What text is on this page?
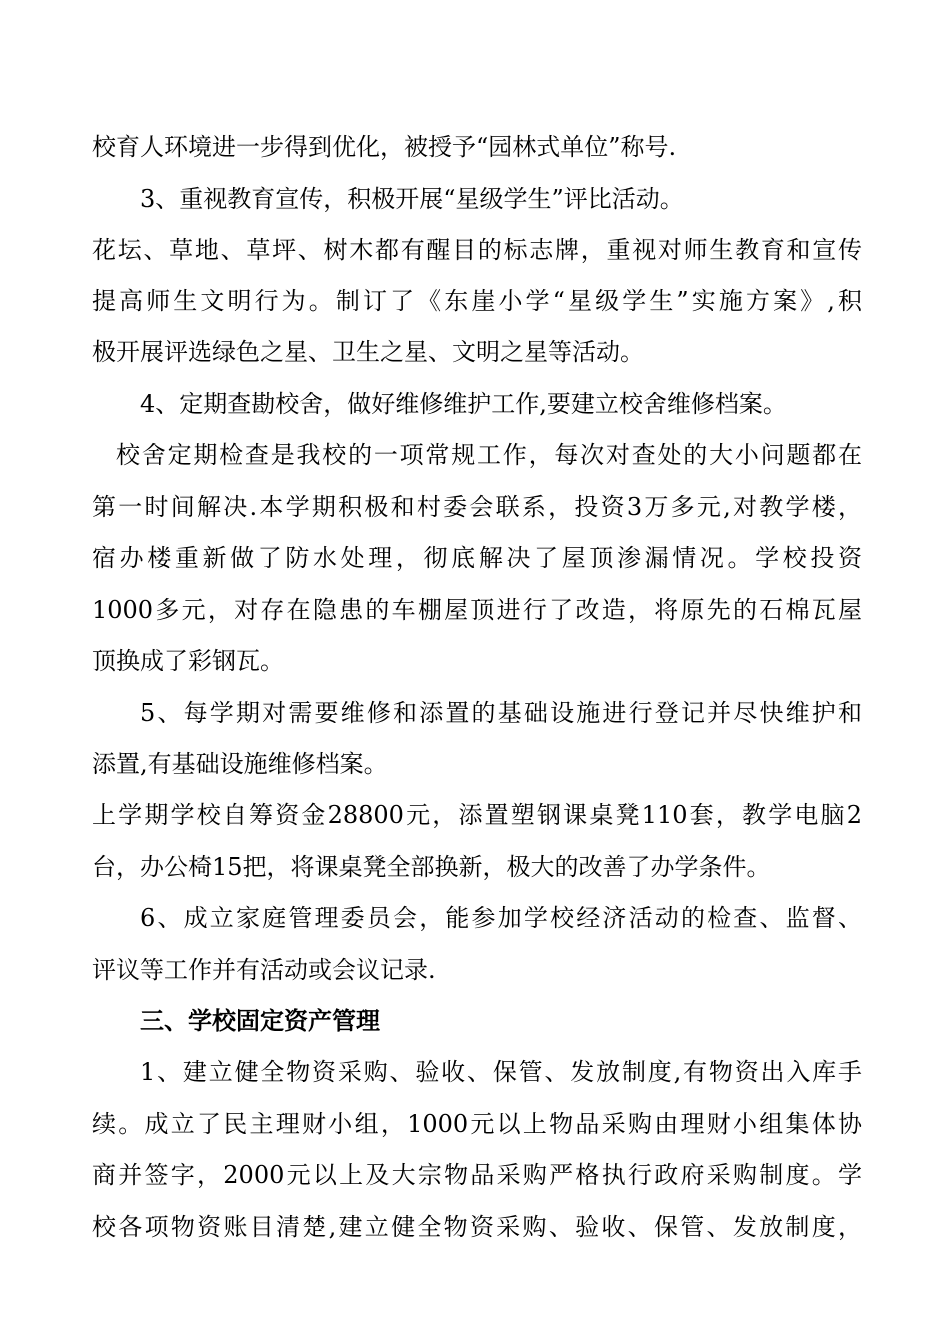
校育人环境进一步得到优化，被授予“园林式单位”称号.
3、重视教育宣传，积极开展“星级学生”评比活动。
花坛、草地、草坪、树木都有醒目的标志牌，重视对师生教育和宣传
提高师生文明行为。制订了《东崖小学“星级学生”实施方案》,积
极开展评选绿色之星、卫生之星、文明之星等活动。
4、定期查勘校舍，做好维修维护工作,要建立校舍维修档案。
校舍定期检查是我校的一项常规工作，每次对查处的大小问题都在
第一时间解决.本学期积极和村委会联系，投资3万多元,对教学楼，
宿办楼重新做了防水处理，彻底解决了屋顶渗漏情况。学校投资
1000多元，对存在隐患的车棚屋顶进行了改造，将原先的石棉瓦屋
顶换成了彩钢瓦。
5、每学期对需要维修和添置的基础设施进行登记并尽快维护和
添置,有基础设施维修档案。
上学期学校自筹资金28800元，添置塑钢课桌凳110套，教学电脑2
台，办公椅15把，将课桌凳全部换新，极大的改善了办学条件。
6、成立家庭管理委员会，能参加学校经济活动的检查、监督、
评议等工作并有活动或会议记录.
三、学校固定资产管理
1、建立健全物资采购、验收、保管、发放制度,有物资出入库手
续。成立了民主理财小组，1000元以上物品采购由理财小组集体协
商并签字，2000元以上及大宗物品采购严格执行政府采购制度。学
校各项物资账目清楚,建立健全物资采购、验收、保管、发放制度，
